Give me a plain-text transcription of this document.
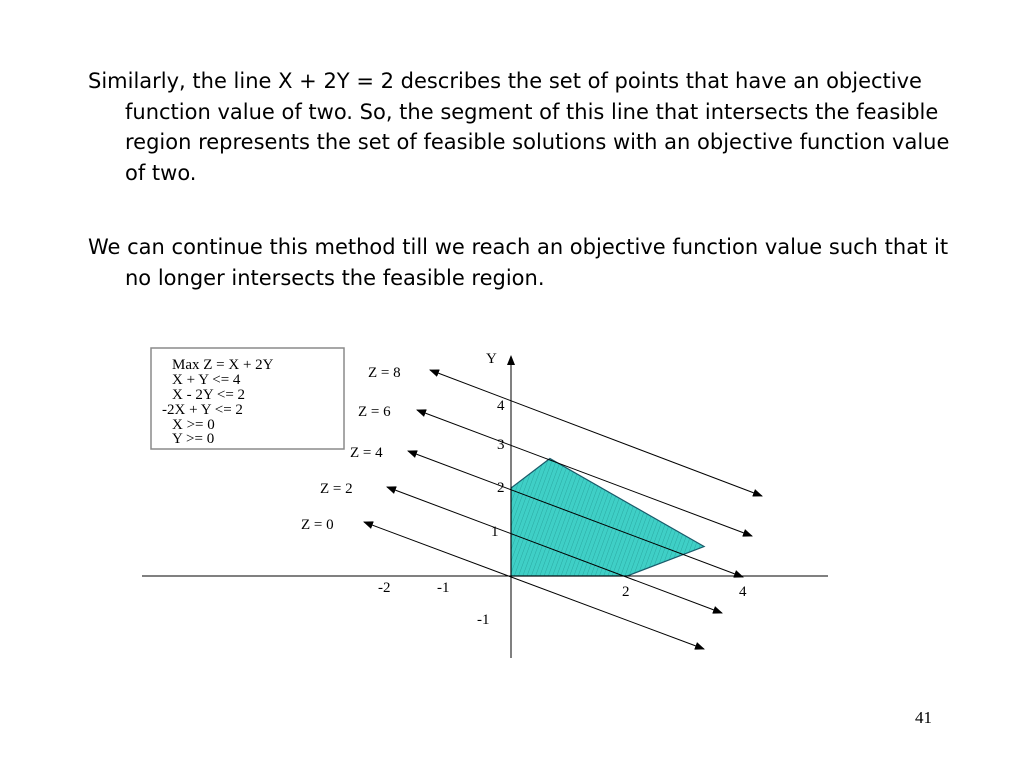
Similarly, the line X + 2Y = 2 describes the set of points that have an objective function value of two. So, the segment of this line that intersects the feasible region represents the set of feasible solutions with an objective function value of two.

We can continue this method till we reach an objective function value such that it no longer intersects the feasible region.

Max Z = X + 2Y
X + Y <= 4
X - 2Y <= 2
-2X + Y <= 2
X >= 0
Y >= 0
Y
-2	-1	2	4
4
3
2
1
-1
Z = 8
Z = 6
Z = 4
Z = 2
Z = 0
41
